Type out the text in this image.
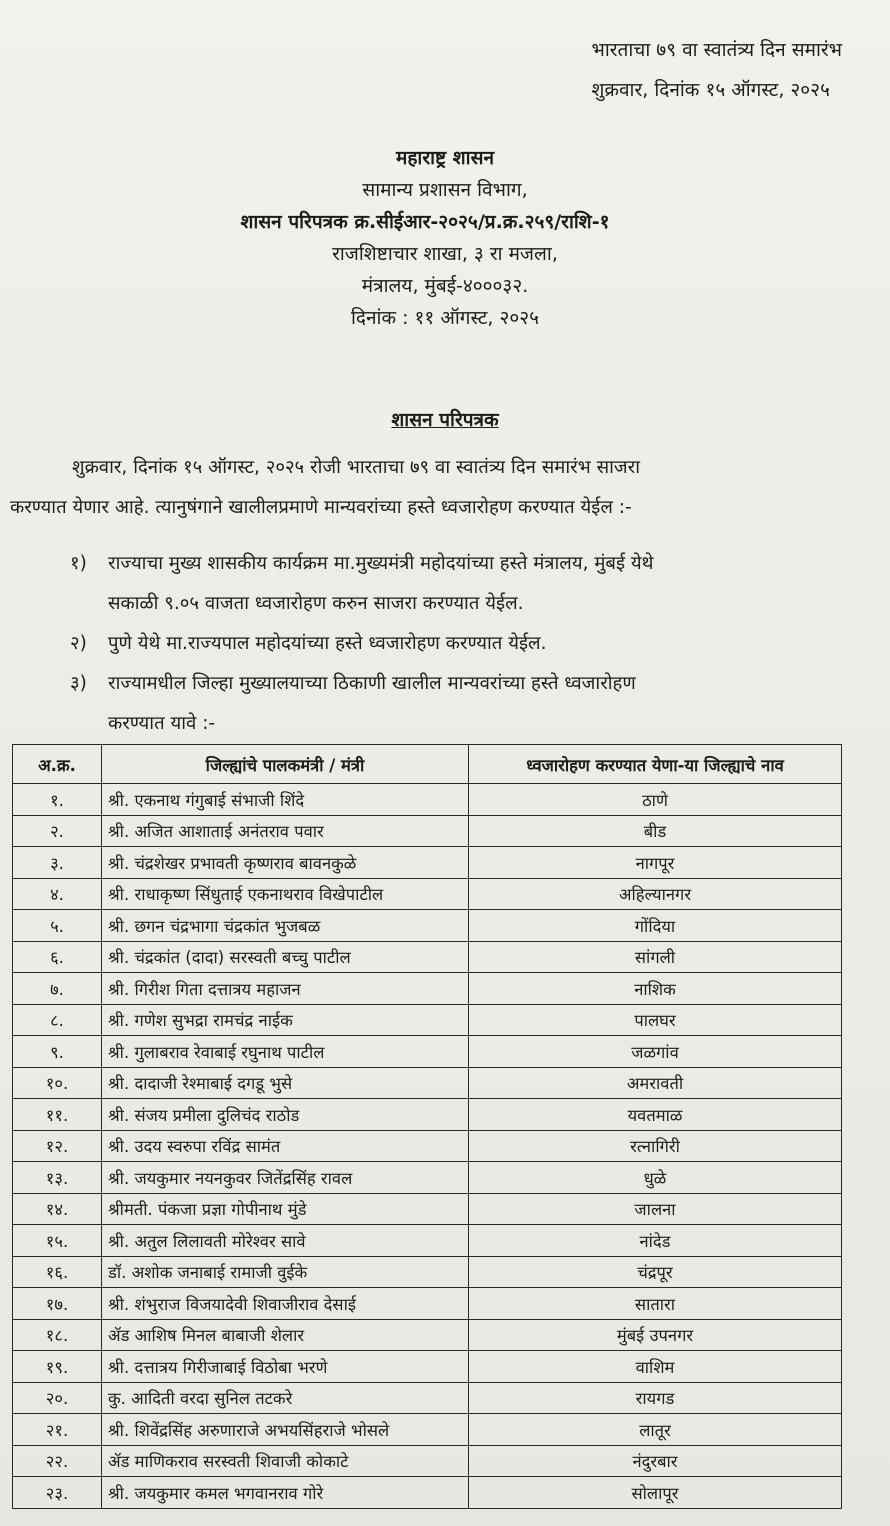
भारताचा ७९ वा स्वातंत्र्य दिन समारंभ
शुक्रवार, दिनांक १५ ऑगस्ट, २०२५
महाराष्ट्र शासन
सामान्य प्रशासन विभाग,
शासन परिपत्रक क्र.सीईआर-२०२५/प्र.क्र.२५९/राशि-१
राजशिष्टाचार शाखा, ३ रा मजला,
मंत्रालय, मुंबई-४०००३२.
दिनांक : ११ ऑगस्ट, २०२५
शासन परिपत्रक
शुक्रवार, दिनांक १५ ऑगस्ट, २०२५ रोजी भारताचा ७९ वा स्वातंत्र्य दिन समारंभ साजरा
करण्यात येणार आहे. त्यानुषंगाने खालीलप्रमाणे मान्यवरांच्या हस्ते ध्वजारोहण करण्यात येईल :-
१)	राज्याचा मुख्य शासकीय कार्यक्रम मा.मुख्यमंत्री महोदयांच्या हस्ते मंत्रालय, मुंबई येथे
सकाळी ९.०५ वाजता ध्वजारोहण करुन साजरा करण्यात येईल.
२)	पुणे येथे मा.राज्यपाल महोदयांच्या हस्ते ध्वजारोहण करण्यात येईल.
३)	राज्यामधील जिल्हा मुख्यालयाच्या ठिकाणी खालील मान्यवरांच्या हस्ते ध्वजारोहण
करण्यात यावे :-
अ.क्र.	जिल्ह्यांचे पालकमंत्री / मंत्री	ध्वजारोहण करण्यात येणा-या जिल्ह्याचे नाव
१.	श्री. एकनाथ गंगुबाई संभाजी शिंदे	ठाणे
२.	श्री. अजित आशाताई अनंतराव पवार	बीड
३.	श्री. चंद्रशेखर प्रभावती कृष्णराव बावनकुळे	नागपूर
४.	श्री. राधाकृष्ण सिंधुताई एकनाथराव विखेपाटील	अहिल्यानगर
५.	श्री. छगन चंद्रभागा चंद्रकांत भुजबळ	गोंदिया
६.	श्री. चंद्रकांत (दादा) सरस्वती बच्चु पाटील	सांगली
७.	श्री. गिरीश गिता दत्तात्रय महाजन	नाशिक
८.	श्री. गणेश सुभद्रा रामचंद्र नाईक	पालघर
९.	श्री. गुलाबराव रेवाबाई रघुनाथ पाटील	जळगांव
१०.	श्री. दादाजी रेश्माबाई दगडू भुसे	अमरावती
११.	श्री. संजय प्रमीला दुलिचंद राठोड	यवतमाळ
१२.	श्री. उदय स्वरुपा रविंद्र सामंत	रत्नागिरी
१३.	श्री. जयकुमार नयनकुवर जितेंद्रसिंह रावल	धुळे
१४.	श्रीमती. पंकजा प्रज्ञा गोपीनाथ मुंडे	जालना
१५.	श्री. अतुल लिलावती मोरेश्वर सावे	नांदेड
१६.	डॉ. अशोक जनाबाई रामाजी वुईके	चंद्रपूर
१७.	श्री. शंभुराज विजयादेवी शिवाजीराव देसाई	सातारा
१८.	ॲड आशिष मिनल बाबाजी शेलार	मुंबई उपनगर
१९.	श्री. दत्तात्रय गिरीजाबाई विठोबा भरणे	वाशिम
२०.	कु. आदिती वरदा सुनिल तटकरे	रायगड
२१.	श्री. शिवेंद्रसिंह अरुणाराजे अभयसिंहराजे भोसले	लातूर
२२.	ॲड माणिकराव सरस्वती शिवाजी कोकाटे	नंदुरबार
२३.	श्री. जयकुमार कमल भगवानराव गोरे	सोलापूर
